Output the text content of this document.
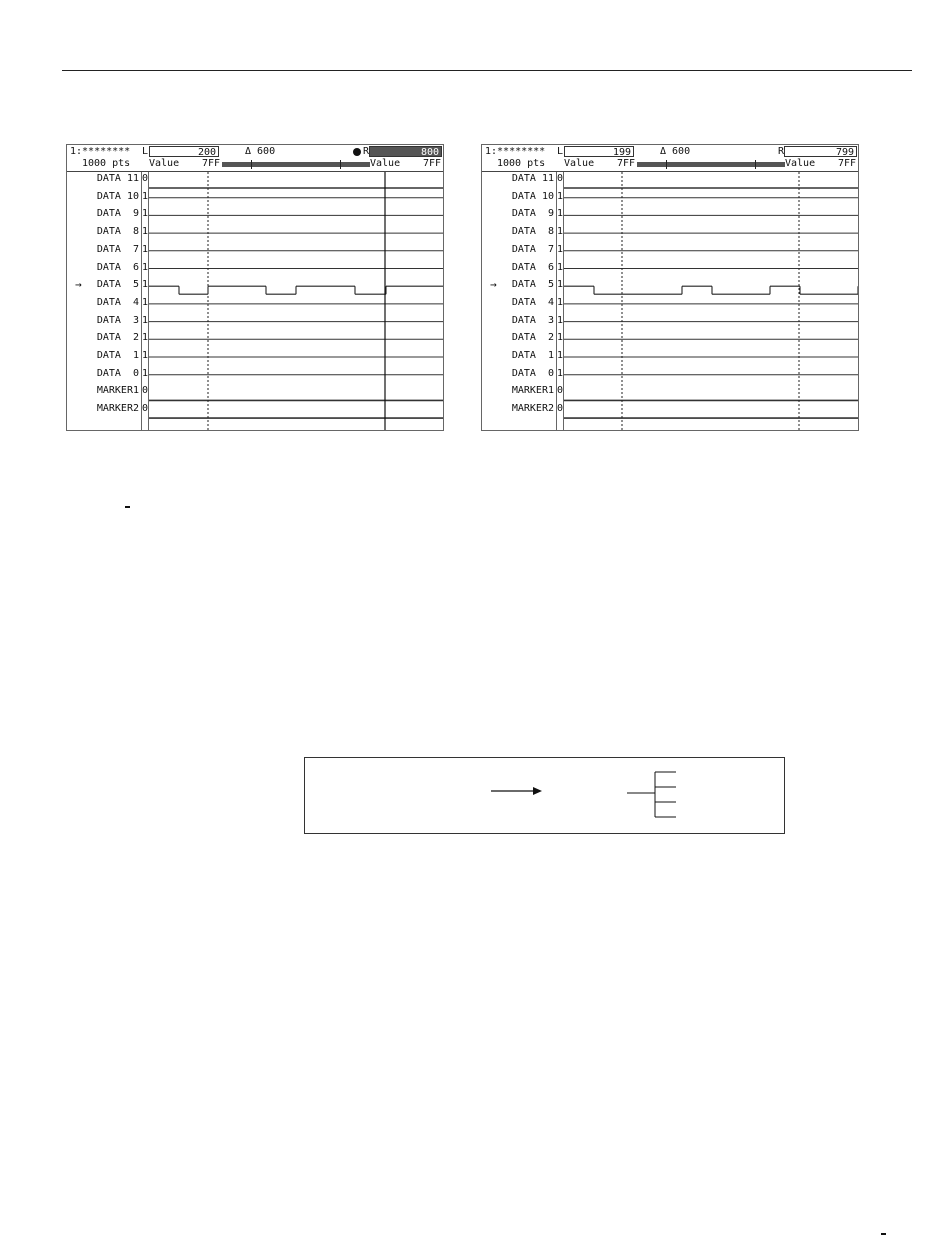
1:********
1000 pts
L	200	Δ 600	R	800
Value 7FF	Value 7FF
DATA 11 0
DATA 10 1
DATA  9 1
DATA  8 1
DATA  7 1
DATA  6 1
DATA  5 1
→
DATA  4 1
DATA  3 1
DATA  2 1
DATA  1 1
DATA  0 1
MARKER1 0
MARKER2 0
1:********
1000 pts
L	199	Δ 600	R	799
Value 7FF	Value 7FF
DATA 11 0
DATA 10 1
DATA  9 1
DATA  8 1
DATA  7 1
DATA  6 1
DATA  5 1
→
DATA  4 1
DATA  3 1
DATA  2 1
DATA  1 1
DATA  0 1
MARKER1 0
MARKER2 0
